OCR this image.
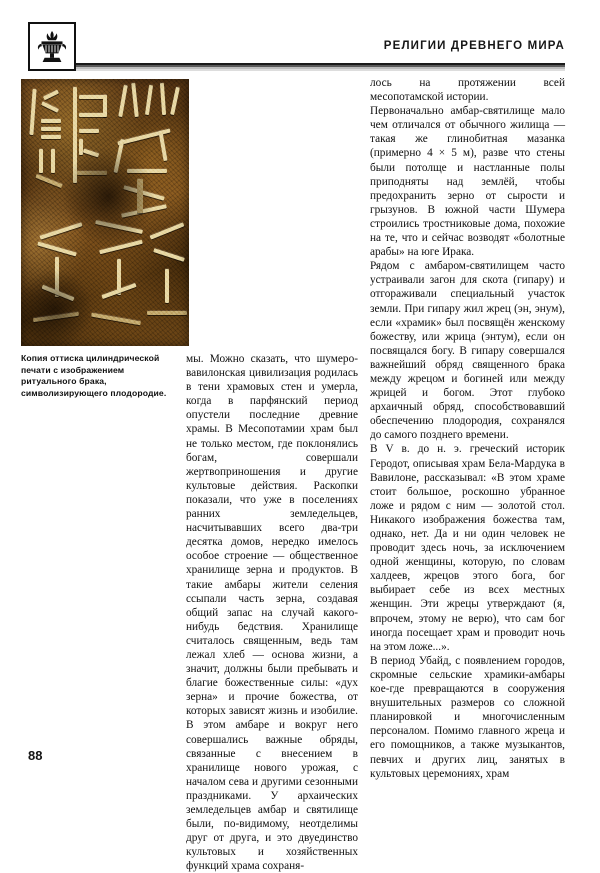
РЕЛИГИИ ДРЕВНЕГО МИРА
Копия оттиска цилиндрической печати с изображением ритуального брака, символизирующего плодородие.

мы. Можно сказать, что шумеро-вавилонская цивилизация родилась в тени храмовых стен и умерла, когда в парфянский период опустели последние древние храмы. В Месопотамии храм был не только местом, где поклонялись богам, совершали жертвоприношения и другие культовые действия. Раскопки показали, что уже в поселениях ранних земледельцев, насчитывавших всего два-три десятка домов, нередко имелось особое строение — общественное хранилище зерна и продуктов. В такие амбары жители селения ссыпали часть зерна, создавая общий запас на случай какого-нибудь бедствия. Хранилище считалось священным, ведь там лежал хлеб — основа жизни, а значит, должны были пребывать и благие божественные силы: «дух зерна» и прочие божества, от которых зависят жизнь и изобилие. В этом амбаре и вокруг него совершались важные обряды, связанные с внесением в хранилище нового урожая, с началом сева и другими сезонными праздниками. У архаических земледельцев амбар и святилище были, по-видимому, неотделимы друг от друга, и это двуединство культовых и хозяйственных функций храма сохраня-

лось на протяжении всей месопотамской истории.

Первоначально амбар-святилище мало чем отличался от обычного жилища — такая же глинобитная мазанка (примерно 4 × 5 м), разве что стены были потолще и настланные полы приподняты над землёй, чтобы предохранить зерно от сырости и грызунов. В южной части Шумера строились тростниковые дома, похожие на те, что и сейчас возводят «болотные арабы» на юге Ирака.

Рядом с амбаром-святилищем часто устраивали загон для скота (гипару) и отгораживали специальный участок земли. При гипару жил жрец (эн, энум), если «храмик» был посвящён женскому божеству, или жрица (энтум), если он посвящался богу. В гипару совершался важнейший обряд священного брака между жрецом и богиней или между жрицей и богом. Этот глубоко архаичный обряд, способствовавший обеспечению плодородия, сохранялся до самого позднего времени.

В V в. до н. э. греческий историк Геродот, описывая храм Бела-Мардука в Вавилоне, рассказывал: «В этом храме стоит большое, роскошно убранное ложе и рядом с ним — золотой стол. Никакого изображения божества там, однако, нет. Да и ни один человек не проводит здесь ночь, за исключением одной женщины, которую, по словам халдеев, жрецов этого бога, бог выбирает себе из всех местных женщин. Эти жрецы утверждают (я, впрочем, этому не верю), что сам бог иногда посещает храм и проводит ночь на этом ложе...».

В период Убайд, с появлением городов, скромные сельские храмики-амбары кое-где превращаются в сооружения внушительных размеров со сложной планировкой и многочисленным персоналом. Помимо главного жреца и его помощников, а также музыкантов, певчих и других лиц, занятых в культовых церемониях, храм

88
